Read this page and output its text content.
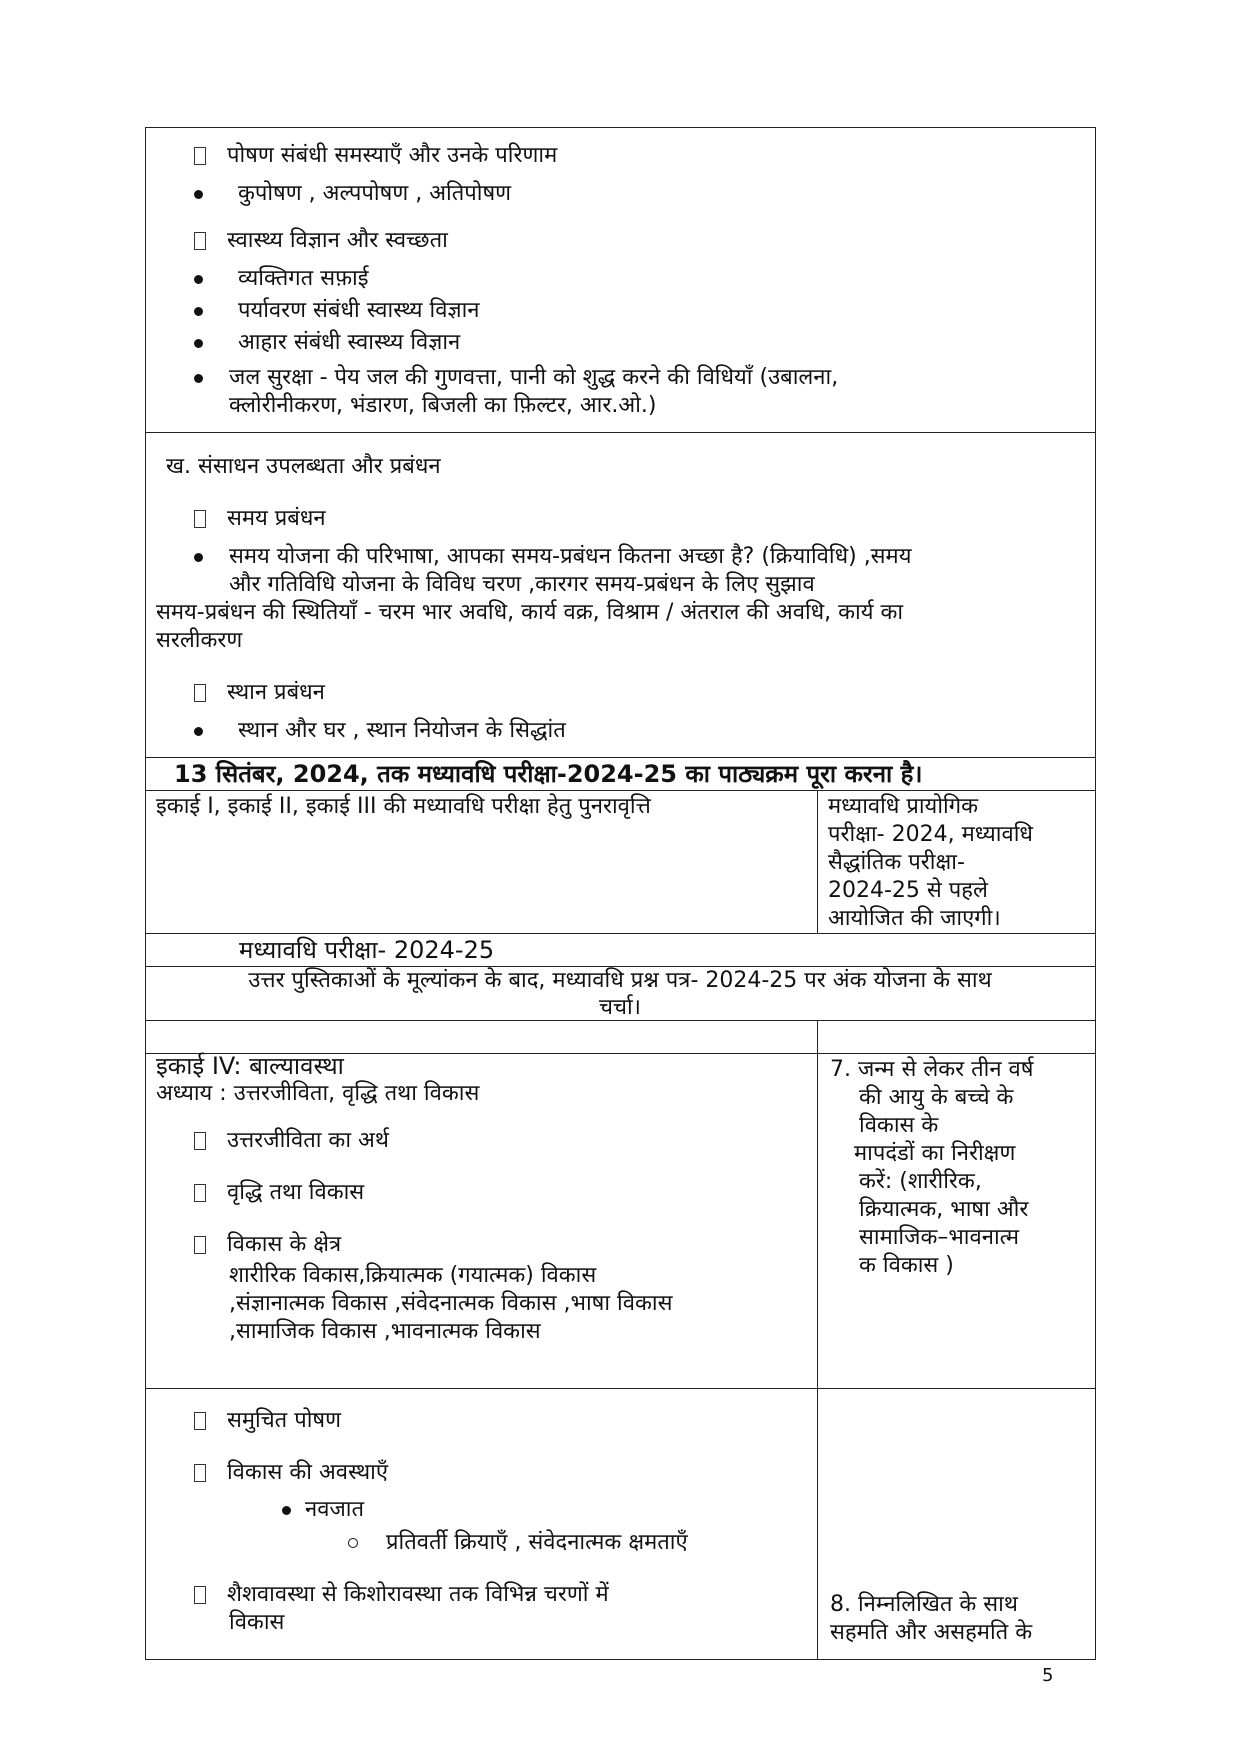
पोषण संबंधी समस्याएँ और उनके परिणाम
कुपोषण , अल्पपोषण , अतिपोषण
स्वास्थ्य विज्ञान और स्वच्छता
व्यक्तिगत सफ़ाई
पर्यावरण संबंधी स्वास्थ्य विज्ञान
आहार संबंधी स्वास्थ्य विज्ञान
जल सुरक्षा - पेय जल की गुणवत्ता, पानी को शुद्ध करने की विधियाँ (उबालना,
क्लोरीनीकरण, भंडारण, बिजली का फ़िल्टर, आर.ओ.)
ख. संसाधन उपलब्धता और प्रबंधन
समय प्रबंधन
समय योजना की परिभाषा, आपका समय-प्रबंधन कितना अच्छा है? (क्रियाविधि) ,समय
और गतिविधि योजना के विविध चरण ,कारगर समय-प्रबंधन के लिए सुझाव
समय-प्रबंधन की स्थितियाँ - चरम भार अवधि, कार्य वक्र, विश्राम / अंतराल की अवधि, कार्य का
सरलीकरण
स्थान प्रबंधन
स्थान और घर , स्थान नियोजन के सिद्धांत
13 सितंबर, 2024, तक मध्यावधि परीक्षा-2024-25 का पाठ्यक्रम पूरा करना है।
इकाई I, इकाई II, इकाई III की मध्यावधि परीक्षा हेतु पुनरावृत्ति	मध्यावधि प्रायोगिक
परीक्षा- 2024, मध्यावधि
सैद्धांतिक परीक्षा-
2024-25 से पहले
आयोजित की जाएगी।
मध्यावधि परीक्षा- 2024-25
उत्तर पुस्तिकाओं के मूल्यांकन के बाद, मध्यावधि प्रश्न पत्र- 2024-25 पर अंक योजना के साथ
चर्चा।
इकाई IV: बाल्यावस्था
अध्याय : उत्तरजीविता, वृद्धि तथा विकास
उत्तरजीविता का अर्थ
वृद्धि तथा विकास
विकास के क्षेत्र
शारीरिक विकास,क्रियात्मक (गयात्मक) विकास
,संज्ञानात्मक विकास ,संवेदनात्मक विकास ,भाषा विकास
,सामाजिक विकास ,भावनात्मक विकास
7. जन्म से लेकर तीन वर्ष
की आयु के बच्चे के
विकास के
मापदंडों का निरीक्षण
करें: (शारीरिक,
क्रियात्मक, भाषा और
सामाजिक–भावनात्म
क विकास )
समुचित पोषण
विकास की अवस्थाएँ
नवजात
प्रतिवर्ती क्रियाएँ , संवेदनात्मक क्षमताएँ
शैशवावस्था से किशोरावस्था तक विभिन्न चरणों में
विकास
8. निम्नलिखित के साथ
सहमति और असहमति के
5
